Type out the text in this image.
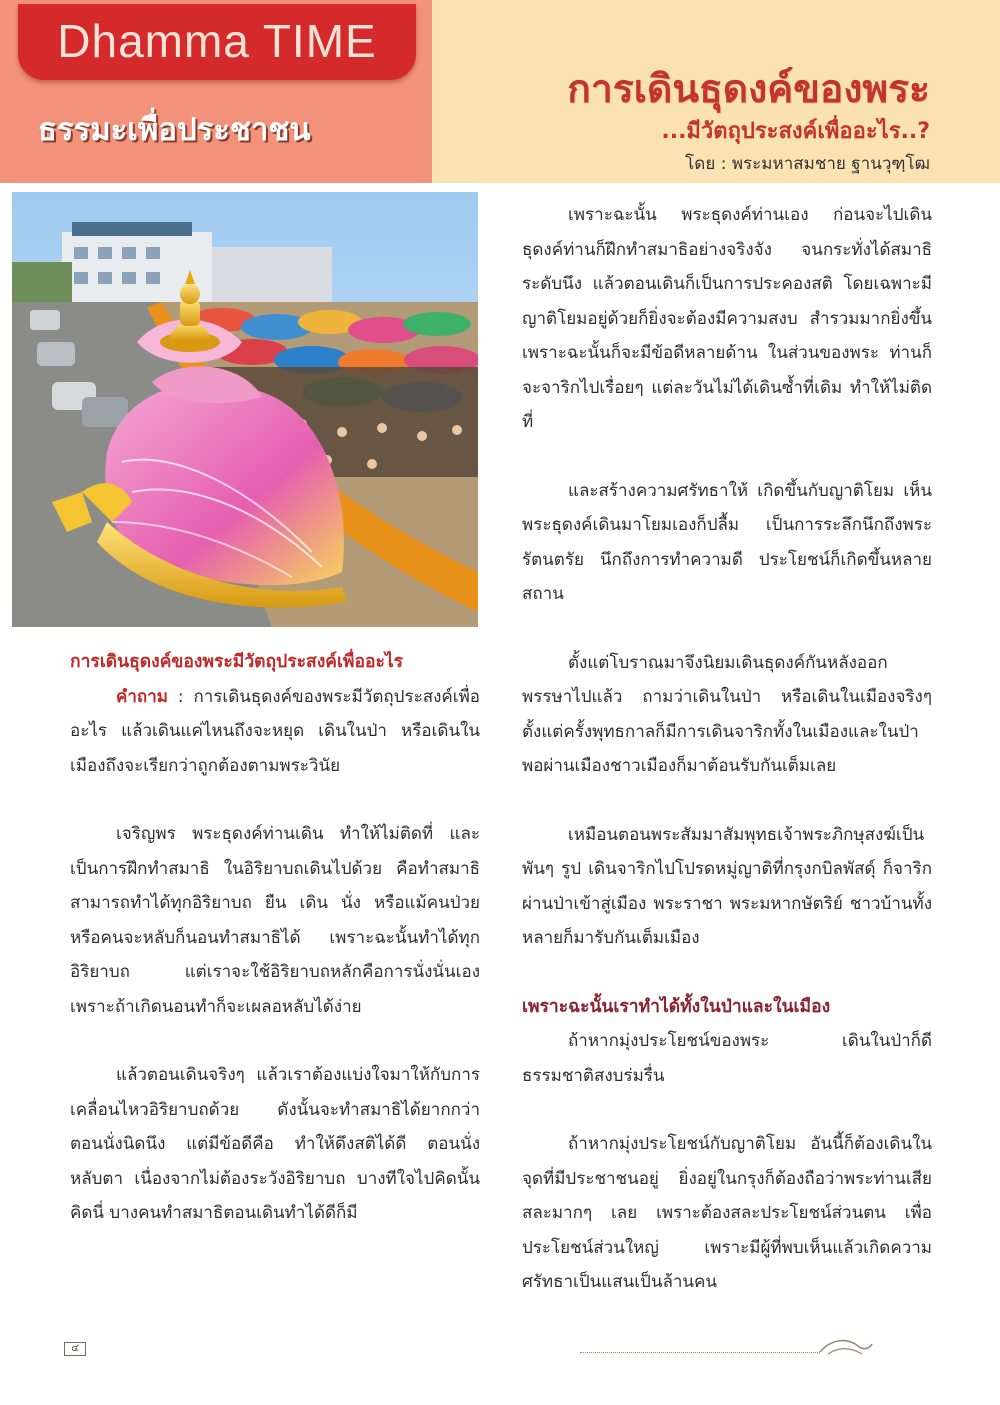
Dhamma TIME
ธรรมะเพื่อประชาชน
การเดินธุดงค์ของพระ
...มีวัตถุประสงค์เพื่ออะไร..?
โดย : พระมหาสมชาย ฐานวุฑฺโฒ
การเดินธุดงค์ของพระมีวัตถุประสงค์เพื่ออะไร

คำถาม : การเดินธุดงค์ของพระมีวัตถุประสงค์เพื่ออะไร แล้วเดินแค่ไหนถึงจะหยุด เดินในป่า หรือเดินในเมืองถึงจะเรียกว่าถูกต้องตามพระวินัย

เจริญพร พระธุดงค์ท่านเดิน ทำให้ไม่ติดที่ และเป็นการฝึกทำสมาธิ ในอิริยาบถเดินไปด้วย คือทำสมาธิสามารถทำได้ทุกอิริยาบถ ยืน เดิน นั่ง หรือแม้คนป่วย หรือคนจะหลับก็นอนทำสมาธิได้ เพราะฉะนั้นทำได้ทุกอิริยาบถ แต่เราจะใช้อิริยาบถหลักคือการนั่งนั่นเอง เพราะถ้าเกิดนอนทำก็จะเผลอหลับได้ง่าย

แล้วตอนเดินจริงๆ แล้วเราต้องแบ่งใจมาให้กับการเคลื่อนไหวอิริยาบถด้วย ดังนั้นจะทำสมาธิได้ยากกว่าตอนนั่งนิดนึง แต่มีข้อดีคือ ทำให้ดึงสติได้ดี ตอนนั่งหลับตา เนื่องจากไม่ต้องระวังอิริยาบถ บางทีใจไปคิดนั้นคิดนี่ บางคนทำสมาธิตอนเดินทำได้ดีก็มี

เพราะฉะนั้น พระธุดงค์ท่านเอง ก่อนจะไปเดินธุดงค์ท่านก็ฝึกทำสมาธิอย่างจริงจัง จนกระทั่งได้สมาธิระดับนึง แล้วตอนเดินก็เป็นการประคองสติ โดยเฉพาะมีญาติโยมอยู่ด้วยก็ยิ่งจะต้องมีความสงบ สำรวมมากยิ่งขึ้น เพราะฉะนั้นก็จะมีข้อดีหลายด้าน ในส่วนของพระ ท่านก็จะจาริกไปเรื่อยๆ แต่ละวันไม่ได้เดินซ้ำที่เดิม ทำให้ไม่ติดที่

และสร้างความศรัทธาให้ เกิดขึ้นกับญาติโยม เห็นพระธุดงค์เดินมาโยมเองก็ปลื้ม เป็นการระลึกนึกถึงพระรัตนตรัย นึกถึงการทำความดี ประโยชน์ก็เกิดขึ้นหลายสถาน

ตั้งแต่โบราณมาจึงนิยมเดินธุดงค์กันหลังออกพรรษาไปแล้ว ถามว่าเดินในป่า หรือเดินในเมืองจริงๆ ตั้งแต่ครั้งพุทธกาลก็มีการเดินจาริกทั้งในเมืองและในป่า พอผ่านเมืองชาวเมืองก็มาต้อนรับกันเต็มเลย

เหมือนตอนพระสัมมาสัมพุทธเจ้าพระภิกษุสงฆ์เป็นพันๆ รูป เดินจาริกไปโปรดหมู่ญาติที่กรุงกบิลพัสดุ์ ก็จาริกผ่านป่าเข้าสู่เมือง พระราชา พระมหากษัตริย์ ชาวบ้านทั้งหลายก็มารับกันเต็มเมือง

เพราะฉะนั้นเราทำได้ทั้งในป่าและในเมือง

ถ้าหากมุ่งประโยชน์ของพระ เดินในป่าก็ดีธรรมชาติสงบร่มรื่น

ถ้าหากมุ่งประโยชน์กับญาติโยม อันนี้ก็ต้องเดินในจุดที่มีประชาชนอยู่ ยิ่งอยู่ในกรุงก็ต้องถือว่าพระท่านเสียสละมากๆ เลย เพราะต้องสละประโยชน์ส่วนตน เพื่อประโยชน์ส่วนใหญ่ เพราะมีผู้ที่พบเห็นแล้วเกิดความศรัทธาเป็นแสนเป็นล้านคน

๔
